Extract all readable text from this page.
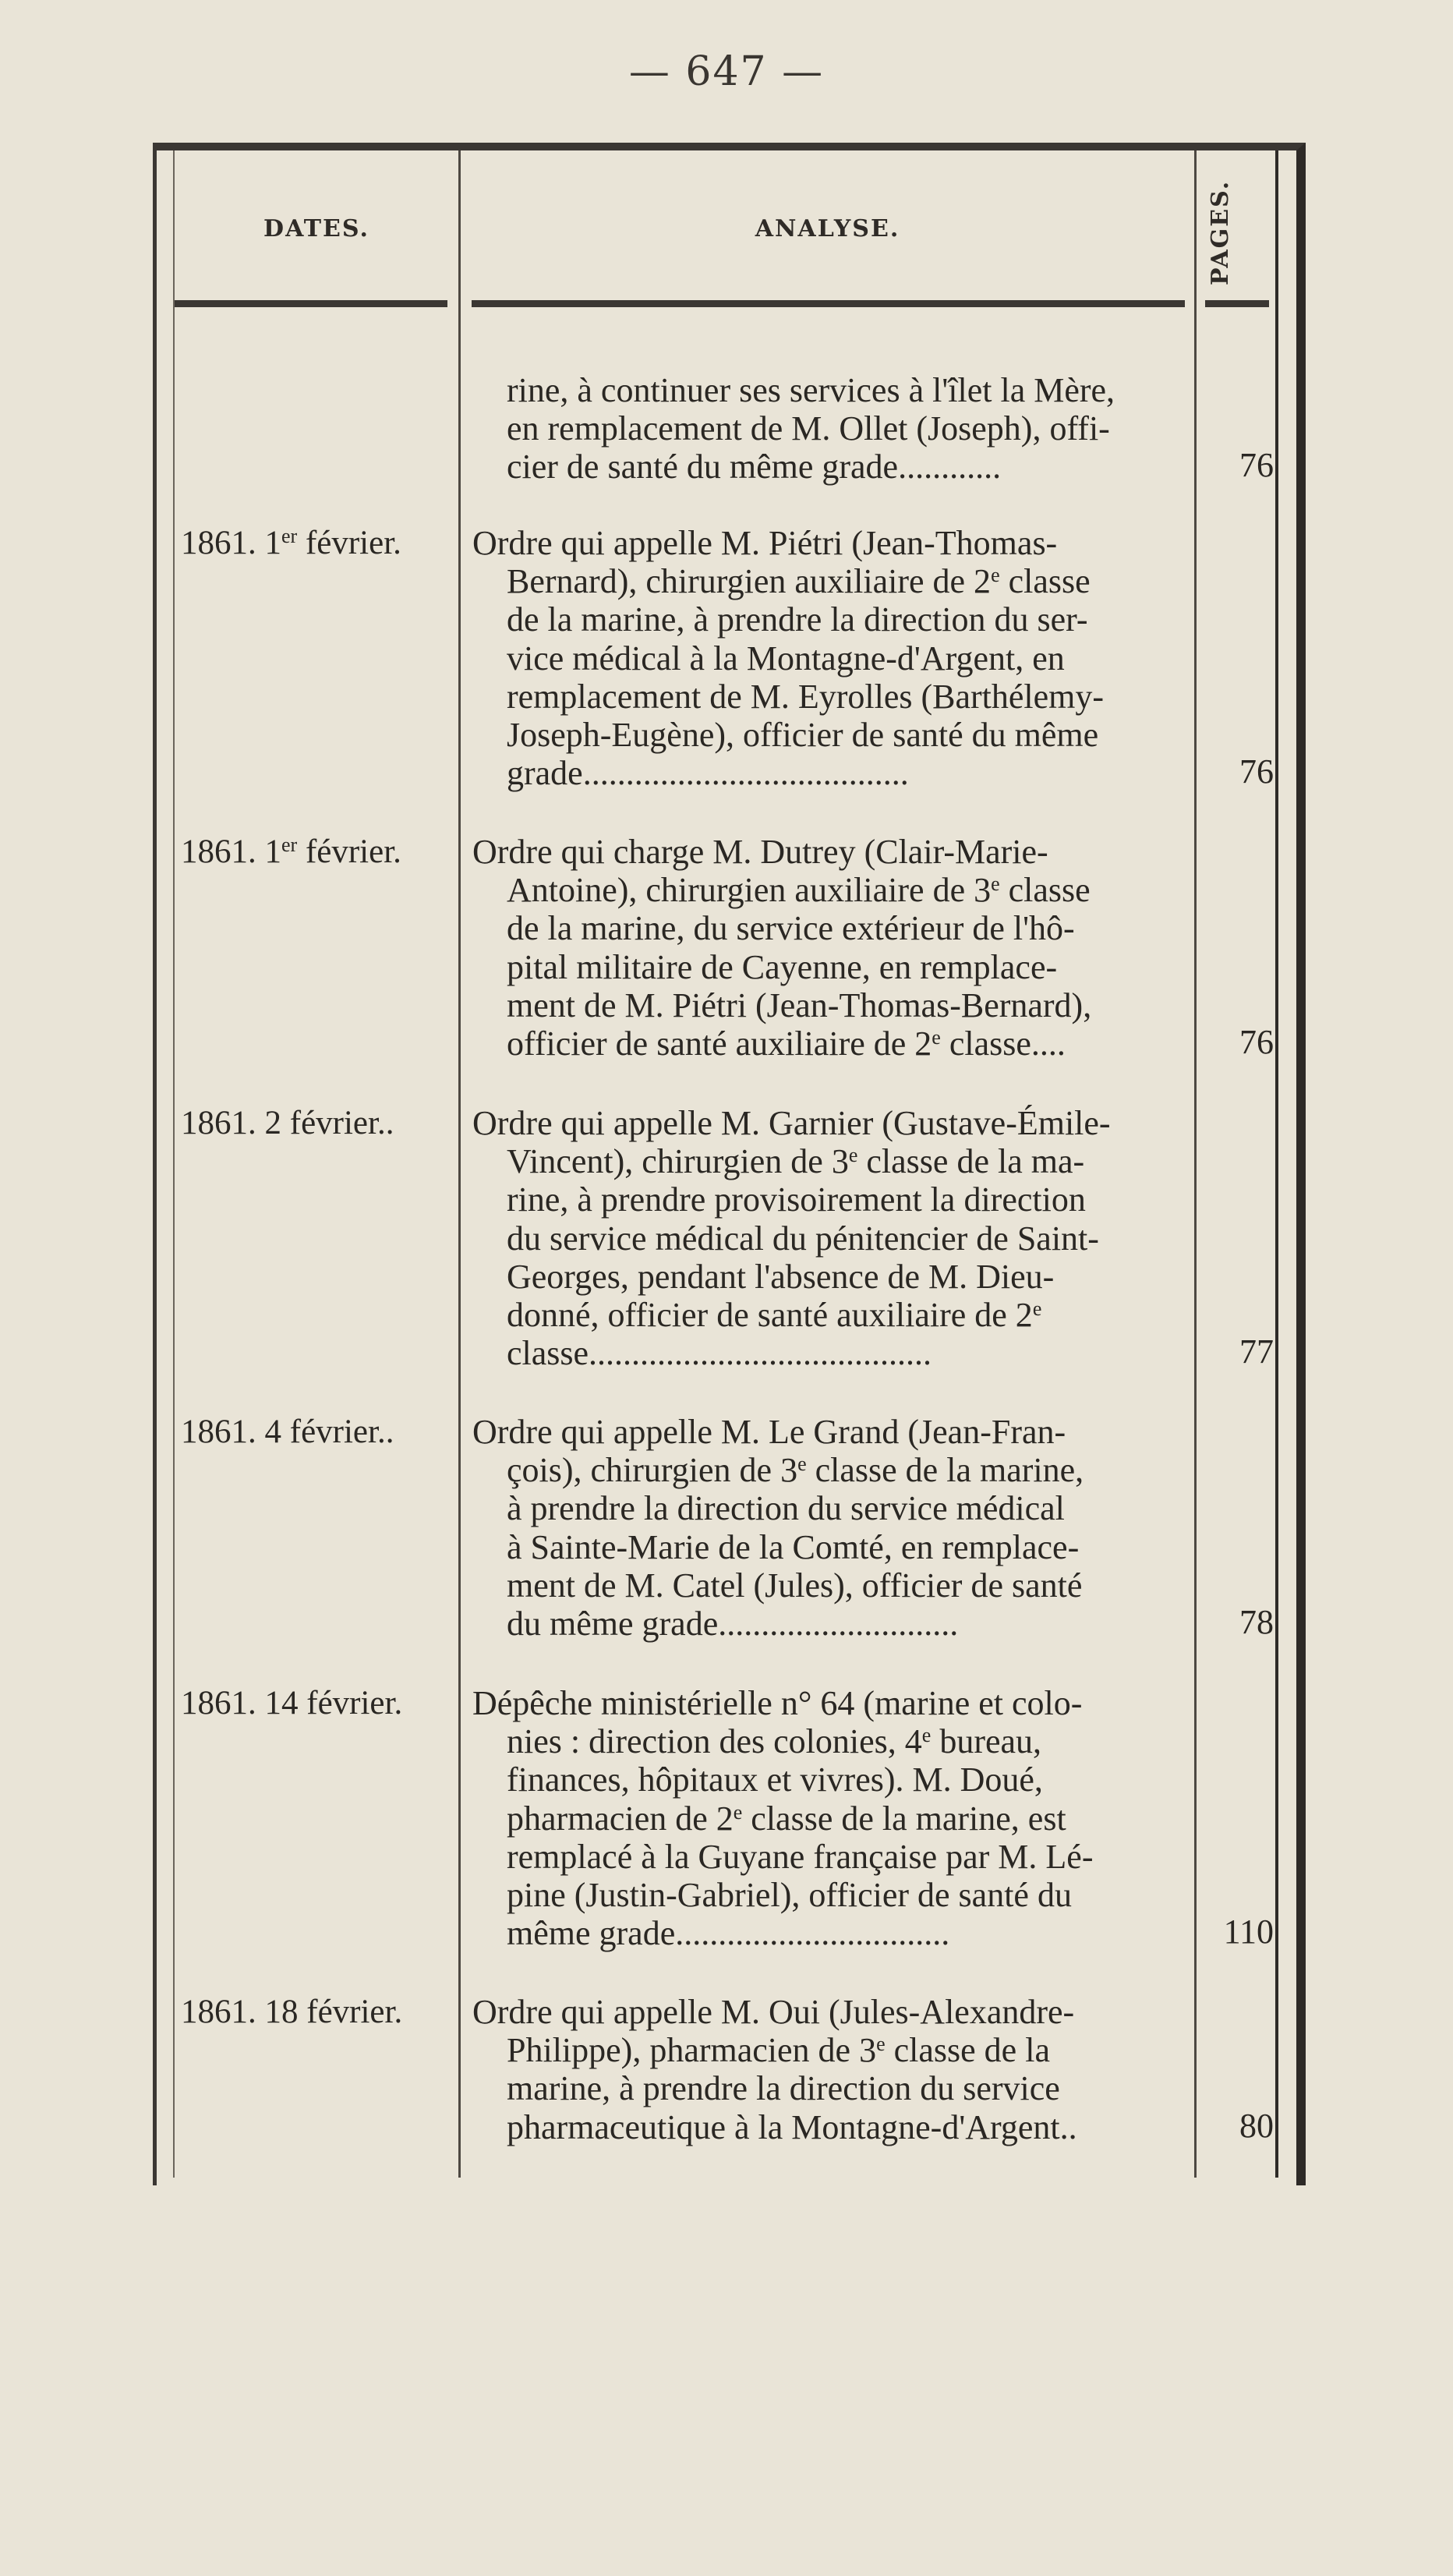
— 647 —
DATES.	ANALYSE.	PAGES.
rine, à continuer ses services à l'îlet la Mère,
en remplacement de M. Ollet (Joseph), offi-
cier de santé du même grade............	76
1861. 1er février.	Ordre qui appelle M. Piétri (Jean-Thomas-
Bernard), chirurgien auxiliaire de 2e classe
de la marine, à prendre la direction du ser-
vice médical à la Montagne-d'Argent, en
remplacement de M. Eyrolles (Barthélemy-
Joseph-Eugène), officier de santé du même
grade......................................	76
1861. 1er février.	Ordre qui charge M. Dutrey (Clair-Marie-
Antoine), chirurgien auxiliaire de 3e classe
de la marine, du service extérieur de l'hô-
pital militaire de Cayenne, en remplace-
ment de M. Piétri (Jean-Thomas-Bernard),
officier de santé auxiliaire de 2e classe....	76
1861. 2 février..	Ordre qui appelle M. Garnier (Gustave-Émile-
Vincent), chirurgien de 3e classe de la ma-
rine, à prendre provisoirement la direction
du service médical du pénitencier de Saint-
Georges, pendant l'absence de M. Dieu-
donné, officier de santé auxiliaire de 2e
classe........................................	77
1861. 4 février..	Ordre qui appelle M. Le Grand (Jean-Fran-
çois), chirurgien de 3e classe de la marine,
à prendre la direction du service médical
à Sainte-Marie de la Comté, en remplace-
ment de M. Catel (Jules), officier de santé
du même grade............................	78
1861. 14 février.	Dépêche ministérielle n° 64 (marine et colo-
nies : direction des colonies, 4e bureau,
finances, hôpitaux et vivres). M. Doué,
pharmacien de 2e classe de la marine, est
remplacé à la Guyane française par M. Lé-
pine (Justin-Gabriel), officier de santé du
même grade................................	110
1861. 18 février.	Ordre qui appelle M. Oui (Jules-Alexandre-
Philippe), pharmacien de 3e classe de la
marine, à prendre la direction du service
pharmaceutique à la Montagne-d'Argent..	80
